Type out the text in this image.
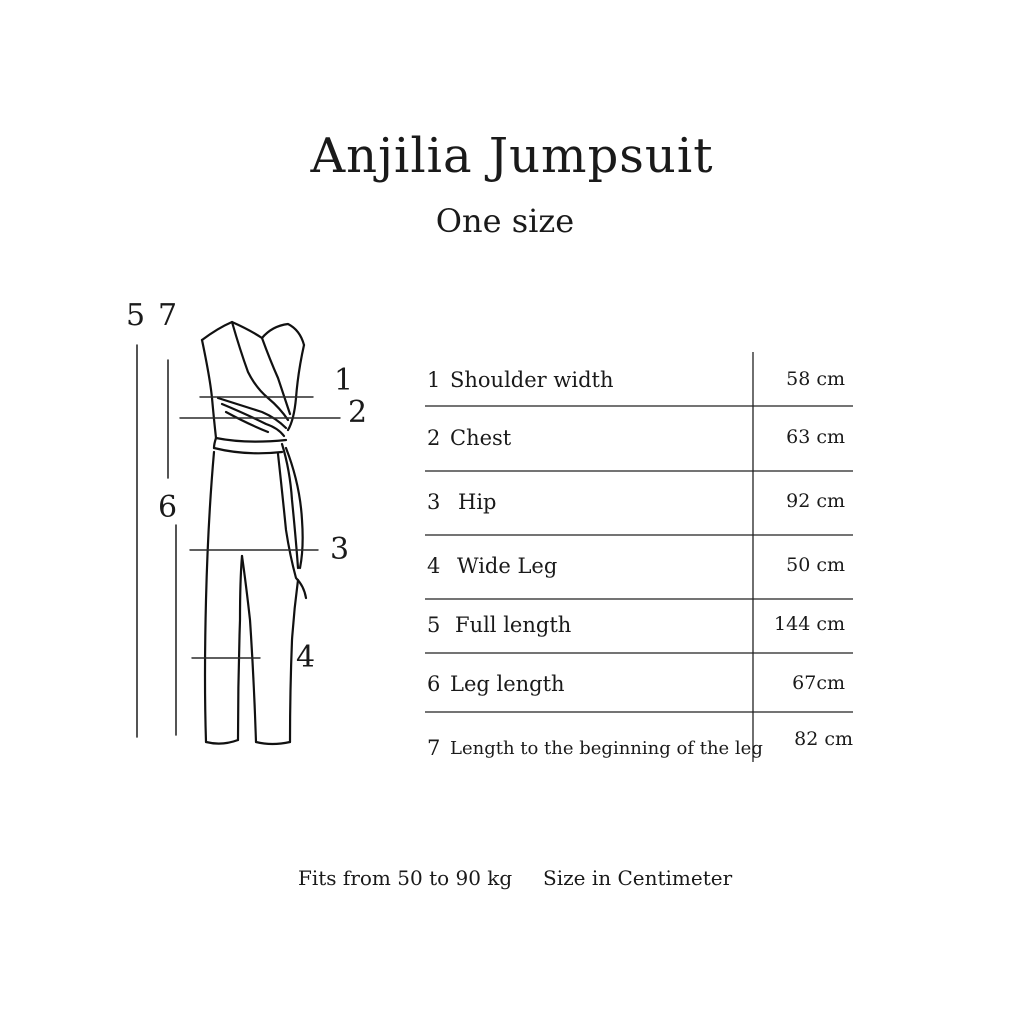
Anjilia Jumpsuit
One size
5 7
6
1
2
3
4
1 Shoulder width	58 cm
2 Chest	63 cm
3 Hip	92 cm
4 Wide Leg	50 cm
5 Full length	144 cm
6 Leg length	67cm
7 Length to the beginning of the leg 82 cm
Fits from 50 to 90 kg Size in Centimeter
